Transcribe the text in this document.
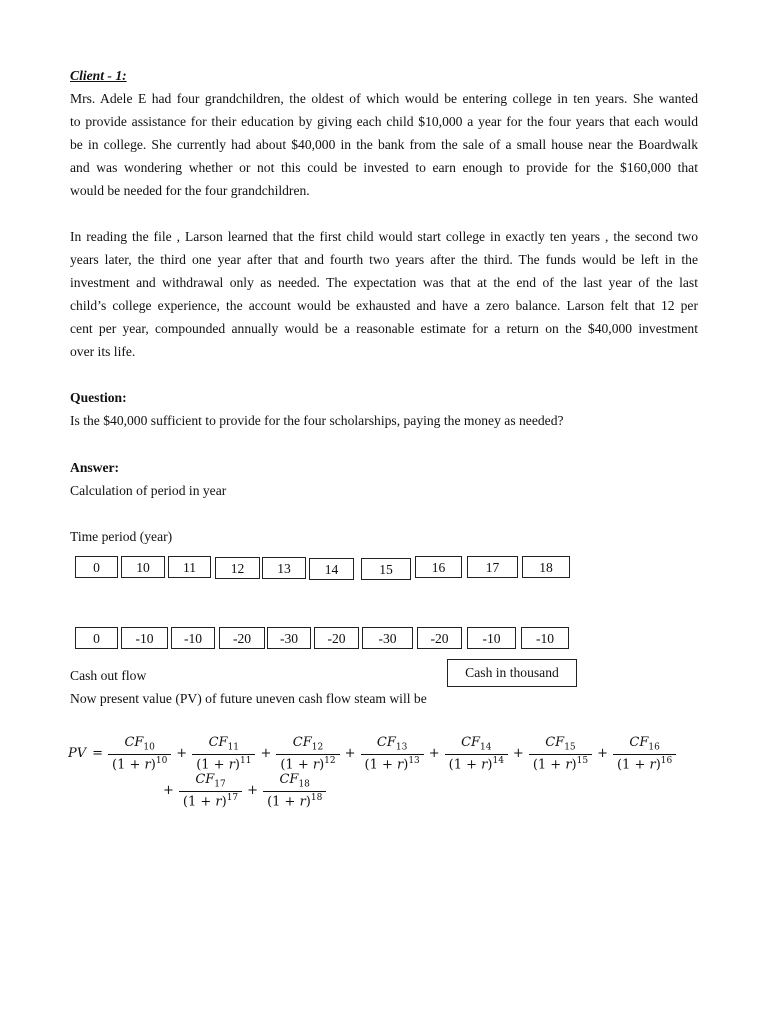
Client - 1:
Mrs. Adele E had four grandchildren, the oldest of which would be entering college in ten years. She wanted
to provide assistance for their education by giving each child $10,000 a year for the four years that each would
be in college. She currently had about $40,000 in the bank from the sale of a small house near the Boardwalk
and was wondering whether or not this could be invested to earn enough to provide for the $160,000 that
would be needed for the four grandchildren.
In reading the file , Larson learned that the first child would start college in exactly ten years , the second two
years later, the third one year after that and fourth two years after the third. The funds would be left in the
investment and withdrawal only as needed. The expectation was that at the end of the last year of the last
child’s college experience, the account would be exhausted and have a zero balance. Larson felt that 12 per
cent per year, compounded annually would be a reasonable estimate for a return on the $40,000 investment
over its life.
Question:
Is the $40,000 sufficient to provide for the four scholarships, paying the money as needed?
Answer:
Calculation of period in year
Time period (year)
0	10	11	12	13	14	15	16	17	18
0	-10	-10	-20	-30	-20	-30	-20	-10	-10
Cash out flow	Cash in thousand
Now present value (PV) of future uneven cash flow steam will be
PV = $\frac{CF_{10}}{(1 + r)^{10}} + \frac{CF_{11}}{(1 + r)^{11}} + \frac{CF_{12}}{(1 + r)^{12}} + \frac{CF_{13}}{(1 + r)^{13}} + \frac{CF_{14}}{(1 + r)^{14}} + \frac{CF_{15}}{(1 + r)^{15}} + \frac{CF_{16}}{(1 + r)^{16}}$
+ $\frac{CF_{17}}{(1 + r)^{17}} + \frac{CF_{18}}{(1 + r)^{18}}$
